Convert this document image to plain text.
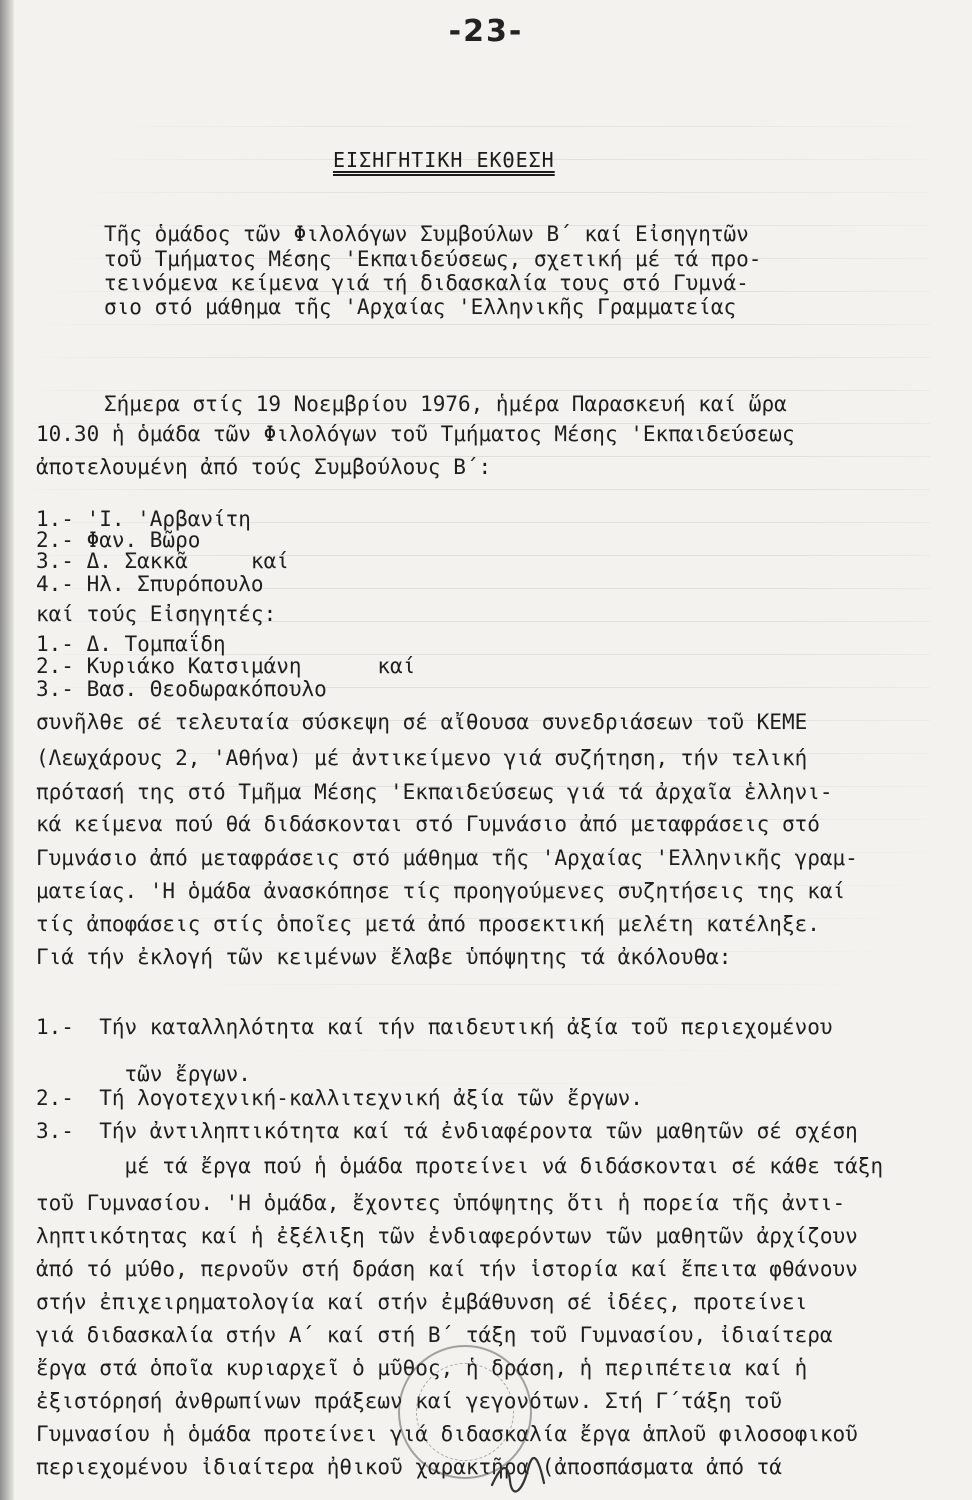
-23-
ΕΙΣΗΓΗΤΙΚΗ ΕΚΘΕΣΗ
Τῆς ὁμάδος τῶν Φιλολόγων Συμβούλων Β΄ καί Εἰσηγητῶν
τοῦ Τμήματος Μέσης 'Εκπαιδεύσεως, σχετική μέ τά προ-
τεινόμενα κείμενα γιά τή διδασκαλία τους στό Γυμνά-
σιο στό μάθημα τῆς 'Αρχαίας 'Ελληνικῆς Γραμματείας
Σήμερα στίς 19 Νοεμβρίου 1976, ἡμέρα Παρασκευή καί ὥρα
10.30 ἡ ὁμάδα τῶν Φιλολόγων τοῦ Τμήματος Μέσης 'Εκπαιδεύσεως
ἀποτελουμένη ἀπό τούς Συμβούλους Β΄:
1.- 'Ι. 'Αρβανίτη
2.- Φαν. Βῶρο
3.- Δ. Σακκᾶ     καί
4.- Ηλ. Σπυρόπουλο
καί τούς Εἰσηγητές:
1.- Δ. Τομπαΐδη
2.- Κυριάκο Κατσιμάνη      καί
3.- Βασ. Θεοδωρακόπουλο
συνῆλθε σέ τελευταία σύσκεψη σέ αἴθουσα συνεδριάσεων τοῦ ΚΕΜΕ
(Λεωχάρους 2, 'Αθήνα) μέ ἀντικείμενο γιά συζήτηση, τήν τελική
πρότασή της στό Τμῆμα Μέσης 'Εκπαιδεύσεως γιά τά ἀρχαῖα ἑλληνι-
κά κείμενα πού θά διδάσκονται στό Γυμνάσιο ἀπό μεταφράσεις στό
Γυμνάσιο ἀπό μεταφράσεις στό μάθημα τῆς 'Αρχαίας 'Ελληνικῆς γραμ-
ματείας. 'Η ὁμάδα ἀνασκόπησε τίς προηγούμενες συζητήσεις της καί
τίς ἀποφάσεις στίς ὁποῖες μετά ἀπό προσεκτική μελέτη κατέληξε.
Γιά τήν ἐκλογή τῶν κειμένων ἔλαβε ὑπόψητης τά ἀκόλουθα:
1.-  Τήν καταλληλότητα καί τήν παιδευτική ἀξία τοῦ περιεχομένου
τῶν ἔργων.
2.-  Τή λογοτεχνική-καλλιτεχνική ἀξία τῶν ἔργων.
3.-  Τήν ἀντιληπτικότητα καί τά ἐνδιαφέροντα τῶν μαθητῶν σέ σχέση
μέ τά ἔργα πού ἡ ὁμάδα προτείνει νά διδάσκονται σέ κάθε τάξη
τοῦ Γυμνασίου. 'Η ὁμάδα, ἔχοντες ὑπόψητης ὅτι ἡ πορεία τῆς ἀντι-
ληπτικότητας καί ἡ ἐξέλιξη τῶν ἐνδιαφερόντων τῶν μαθητῶν ἀρχίζουν
ἀπό τό μύθο, περνοῦν στή δράση καί τήν ἱστορία καί ἔπειτα φθάνουν
στήν ἐπιχειρηματολογία καί στήν ἐμβάθυνση σέ ἰδέες, προτείνει
γιά διδασκαλία στήν Α΄ καί στή Β΄ τάξη τοῦ Γυμνασίου, ἰδιαίτερα
ἔργα στά ὁποῖα κυριαρχεῖ ὁ μῦθος, ἡ δράση, ἡ περιπέτεια καί ἡ
ἐξιστόρησή ἀνθρωπίνων πράξεων καί γεγονότων. Στή Γ΄τάξη τοῦ
Γυμνασίου ἡ ὁμάδα προτείνει γιά διδασκαλία ἔργα ἁπλοῦ φιλοσοφικοῦ
περιεχομένου ἰδιαίτερα ἠθικοῦ χαρακτῆρα (ἀποσπάσματα ἀπό τά
